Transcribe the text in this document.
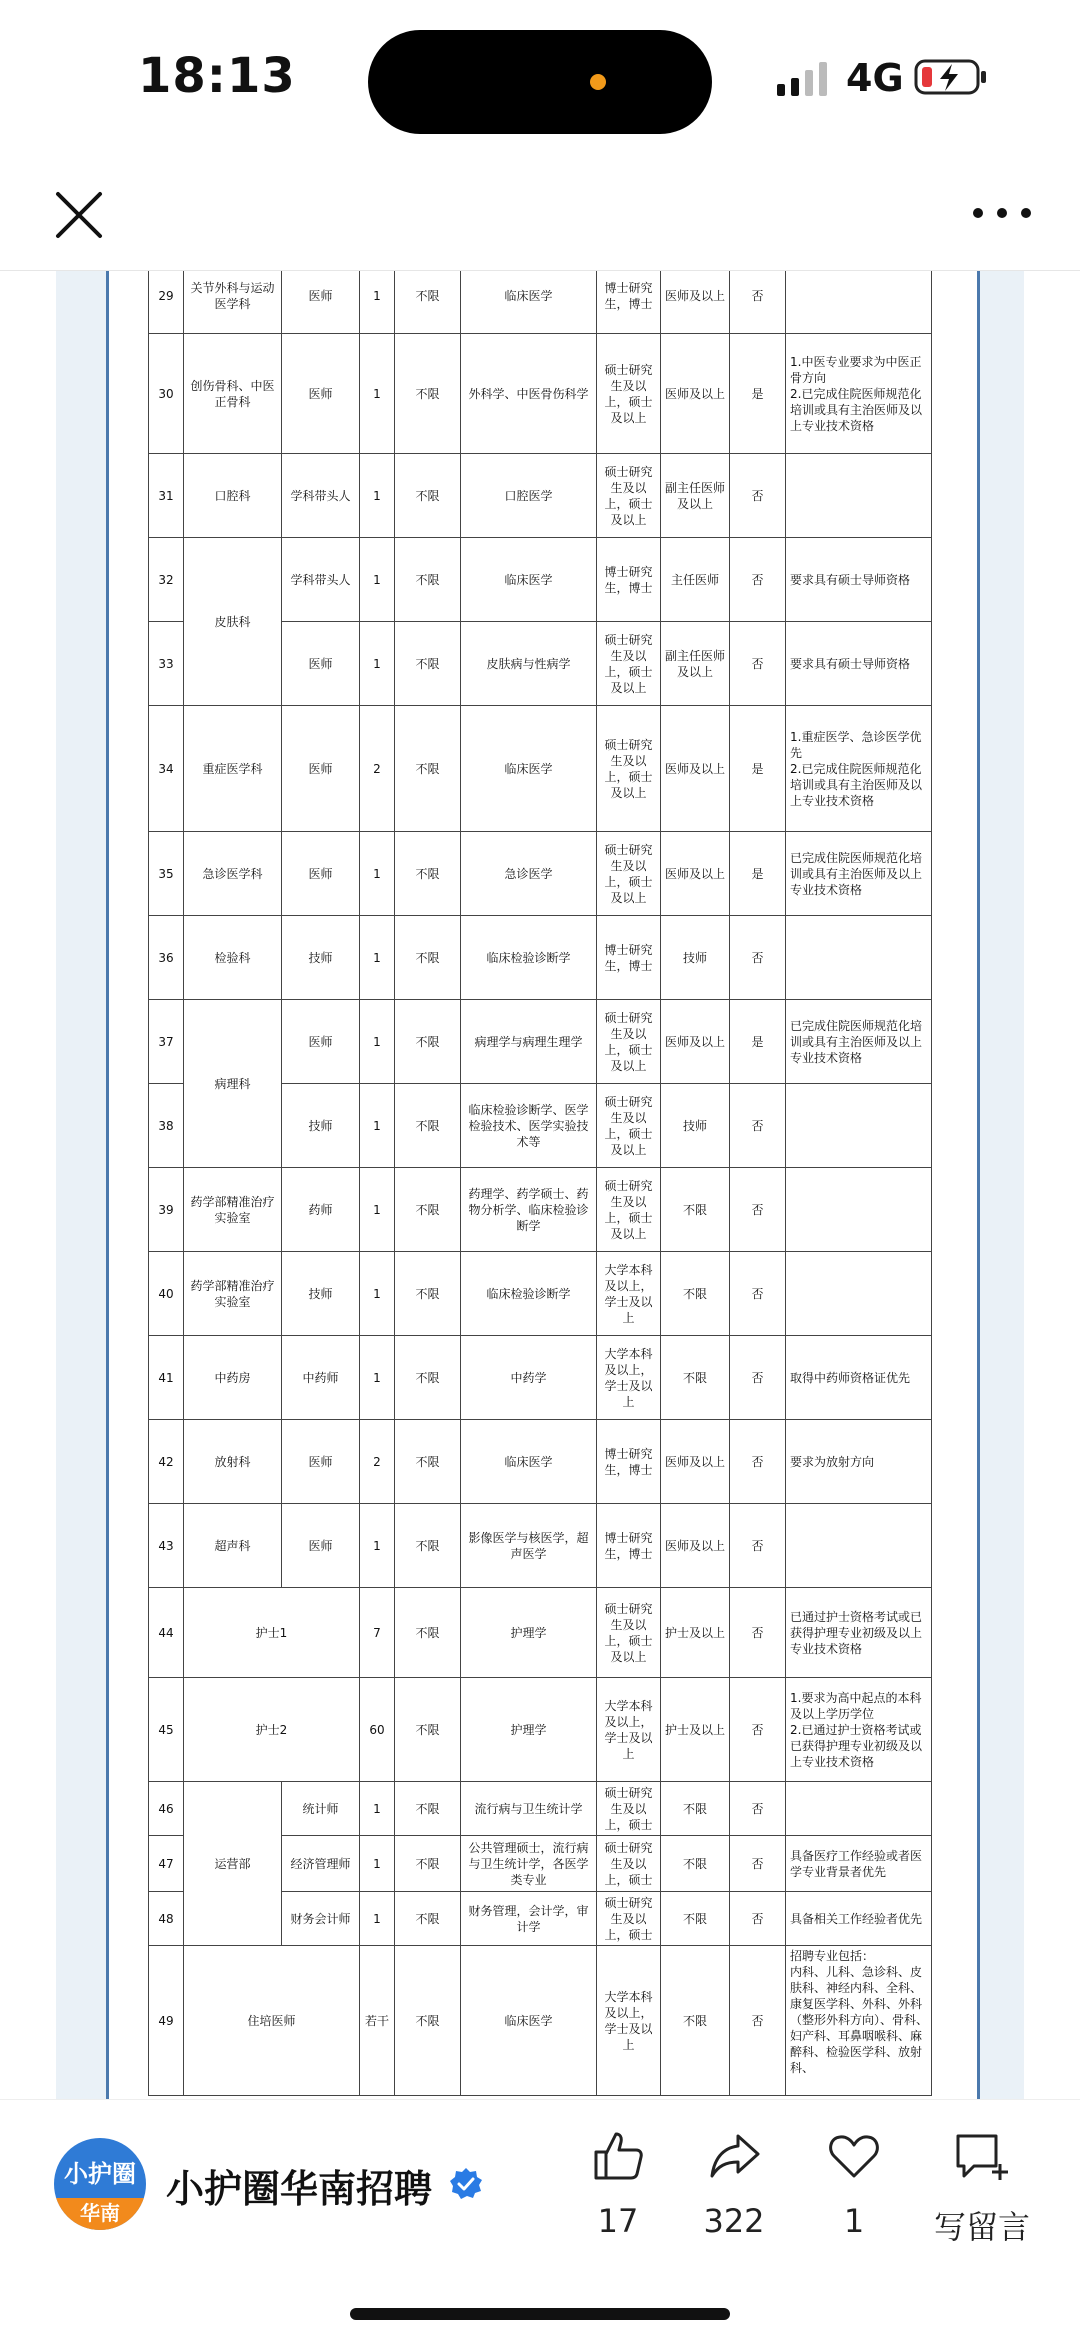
18:13	4G
29	关节外科与运动医学科	医师	1	不限	临床医学	博士研究生，博士	医师及以上	否	
30	创伤骨科、中医正骨科	医师	1	不限	外科学、中医骨伤科学	硕士研究生及以上，硕士及以上	医师及以上	是	1.中医专业要求为中医正骨方向
2.已完成住院医师规范化培训或具有主治医师及以上专业技术资格
31	口腔科	学科带头人	1	不限	口腔医学	硕士研究生及以上，硕士及以上	副主任医师及以上	否	
32	皮肤科	学科带头人	1	不限	临床医学	博士研究生，博士	主任医师	否	要求具有硕士导师资格
33		医师	1	不限	皮肤病与性病学	硕士研究生及以上，硕士及以上	副主任医师及以上	否	要求具有硕士导师资格
34	重症医学科	医师	2	不限	临床医学	硕士研究生及以上，硕士及以上	医师及以上	是	1.重症医学、急诊医学优先
2.已完成住院医师规范化培训或具有主治医师及以上专业技术资格
35	急诊医学科	医师	1	不限	急诊医学	硕士研究生及以上，硕士及以上	医师及以上	是	已完成住院医师规范化培训或具有主治医师及以上专业技术资格
36	检验科	技师	1	不限	临床检验诊断学	博士研究生，博士	技师	否	
37	病理科	医师	1	不限	病理学与病理生理学	硕士研究生及以上，硕士及以上	医师及以上	是	已完成住院医师规范化培训或具有主治医师及以上专业技术资格
38		技师	1	不限	临床检验诊断学、医学检验技术、医学实验技术等	硕士研究生及以上，硕士及以上	技师	否	
39	药学部精准治疗实验室	药师	1	不限	药理学、药学硕士、药物分析学、临床检验诊断学	硕士研究生及以上，硕士及以上	不限	否	
40	药学部精准治疗实验室	技师	1	不限	临床检验诊断学	大学本科及以上，学士及以上	不限	否	
41	中药房	中药师	1	不限	中药学	大学本科及以上，学士及以上	不限	否	取得中药师资格证优先
42	放射科	医师	2	不限	临床医学	博士研究生，博士	医师及以上	否	要求为放射方向
43	超声科	医师	1	不限	影像医学与核医学，超声医学	博士研究生，博士	医师及以上	否	
44	护士1		7	不限	护理学	硕士研究生及以上，硕士及以上	护士及以上	否	已通过护士资格考试或已获得护理专业初级及以上专业技术资格
45	护士2		60	不限	护理学	大学本科及以上，学士及以上	护士及以上	否	1.要求为高中起点的本科及以上学历学位
2.已通过护士资格考试或已获得护理专业初级及以上专业技术资格
46	运营部	统计师	1	不限	流行病与卫生统计学	硕士研究生及以上，硕士	不限	否	
47		经济管理师	1	不限	公共管理硕士，流行病与卫生统计学，各医学类专业	硕士研究生及以上，硕士	不限	否	具备医疗工作经验或者医学专业背景者优先
48		财务会计师	1	不限	财务管理，会计学，审计学	硕士研究生及以上，硕士	不限	否	具备相关工作经验者优先
49	住培医师		若干	不限	临床医学	大学本科及以上，学士及以上	不限	否	招聘专业包括：
内科、儿科、急诊科、皮肤科、神经内科、全科、康复医学科、外科、外科（整形外科方向）、骨科、妇产科、耳鼻咽喉科、麻醉科、检验医学科、放射科、
小护圈
华南
小护圈华南招聘
17	322	1	写留言
